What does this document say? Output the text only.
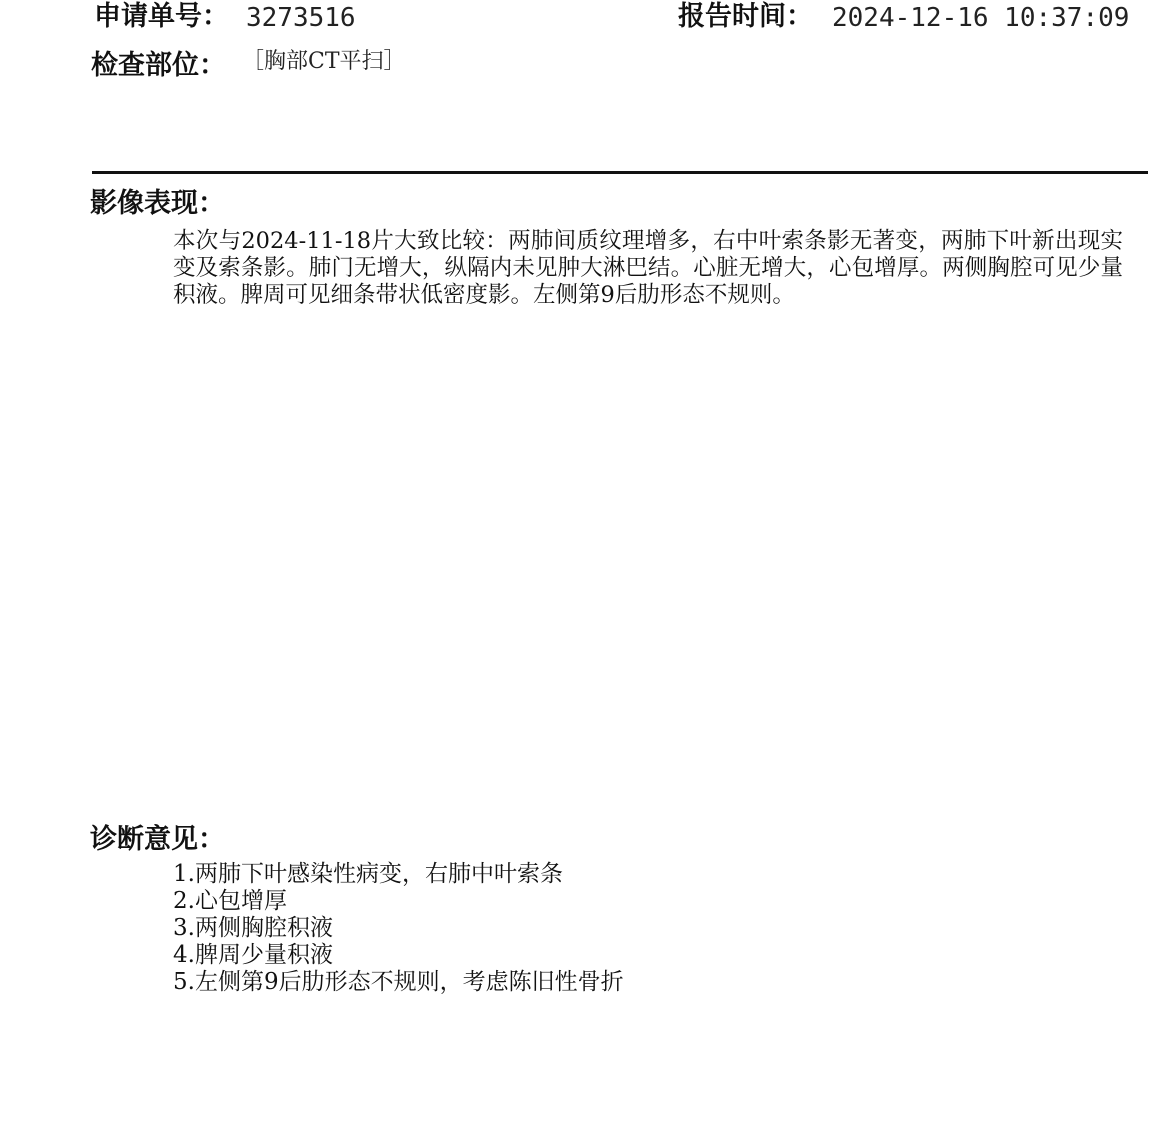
申请单号： 3273516	报告时间： 2024-12-16 10:37:09
检查部位： ［胸部CT平扫］
影像表现：
本次与2024-11-18片大致比较：两肺间质纹理增多，右中叶索条影无著变，两肺下叶新出现实变及索条影。肺门无增大，纵隔内未见肿大淋巴结。心脏无增大，心包增厚。两侧胸腔可见少量积液。脾周可见细条带状低密度影。左侧第9后肋形态不规则。
诊断意见：
1.两肺下叶感染性病变，右肺中叶索条
2.心包增厚
3.两侧胸腔积液
4.脾周少量积液
5.左侧第9后肋形态不规则，考虑陈旧性骨折
